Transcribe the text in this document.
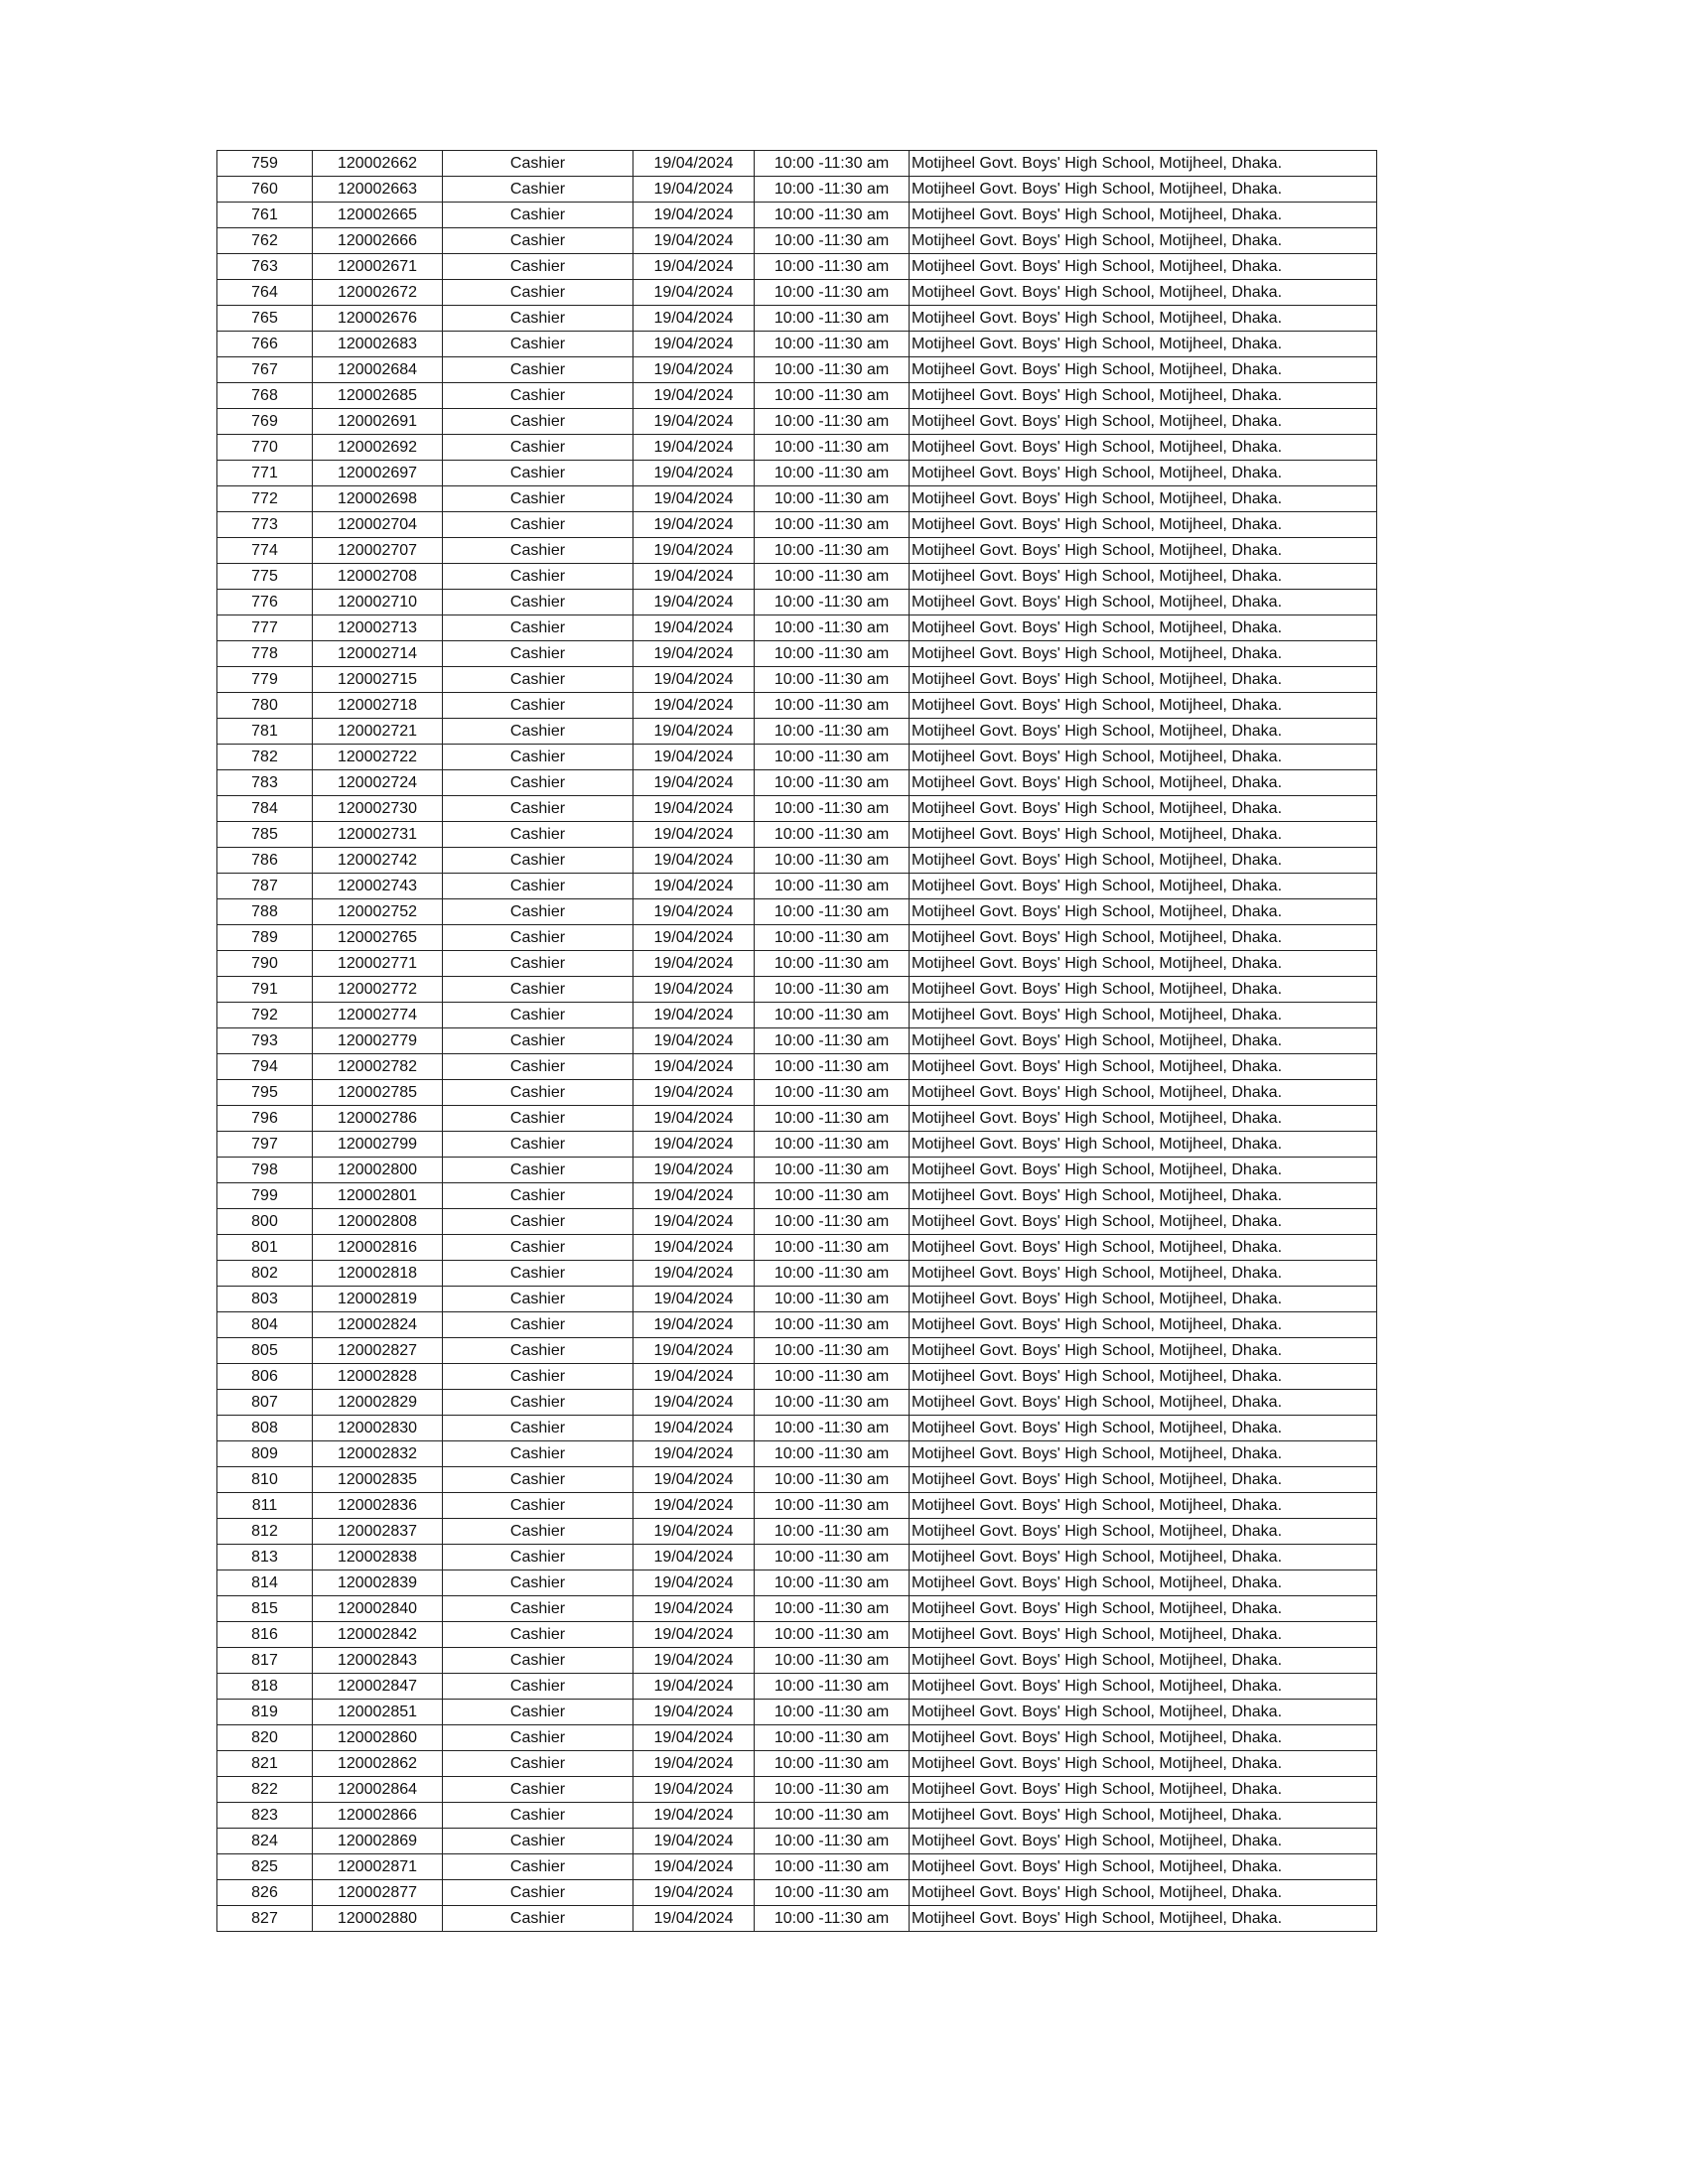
759	120002662	Cashier	19/04/2024	10:00 -11:30 am	Motijheel Govt. Boys' High School, Motijheel, Dhaka.
760	120002663	Cashier	19/04/2024	10:00 -11:30 am	Motijheel Govt. Boys' High School, Motijheel, Dhaka.
761	120002665	Cashier	19/04/2024	10:00 -11:30 am	Motijheel Govt. Boys' High School, Motijheel, Dhaka.
762	120002666	Cashier	19/04/2024	10:00 -11:30 am	Motijheel Govt. Boys' High School, Motijheel, Dhaka.
763	120002671	Cashier	19/04/2024	10:00 -11:30 am	Motijheel Govt. Boys' High School, Motijheel, Dhaka.
764	120002672	Cashier	19/04/2024	10:00 -11:30 am	Motijheel Govt. Boys' High School, Motijheel, Dhaka.
765	120002676	Cashier	19/04/2024	10:00 -11:30 am	Motijheel Govt. Boys' High School, Motijheel, Dhaka.
766	120002683	Cashier	19/04/2024	10:00 -11:30 am	Motijheel Govt. Boys' High School, Motijheel, Dhaka.
767	120002684	Cashier	19/04/2024	10:00 -11:30 am	Motijheel Govt. Boys' High School, Motijheel, Dhaka.
768	120002685	Cashier	19/04/2024	10:00 -11:30 am	Motijheel Govt. Boys' High School, Motijheel, Dhaka.
769	120002691	Cashier	19/04/2024	10:00 -11:30 am	Motijheel Govt. Boys' High School, Motijheel, Dhaka.
770	120002692	Cashier	19/04/2024	10:00 -11:30 am	Motijheel Govt. Boys' High School, Motijheel, Dhaka.
771	120002697	Cashier	19/04/2024	10:00 -11:30 am	Motijheel Govt. Boys' High School, Motijheel, Dhaka.
772	120002698	Cashier	19/04/2024	10:00 -11:30 am	Motijheel Govt. Boys' High School, Motijheel, Dhaka.
773	120002704	Cashier	19/04/2024	10:00 -11:30 am	Motijheel Govt. Boys' High School, Motijheel, Dhaka.
774	120002707	Cashier	19/04/2024	10:00 -11:30 am	Motijheel Govt. Boys' High School, Motijheel, Dhaka.
775	120002708	Cashier	19/04/2024	10:00 -11:30 am	Motijheel Govt. Boys' High School, Motijheel, Dhaka.
776	120002710	Cashier	19/04/2024	10:00 -11:30 am	Motijheel Govt. Boys' High School, Motijheel, Dhaka.
777	120002713	Cashier	19/04/2024	10:00 -11:30 am	Motijheel Govt. Boys' High School, Motijheel, Dhaka.
778	120002714	Cashier	19/04/2024	10:00 -11:30 am	Motijheel Govt. Boys' High School, Motijheel, Dhaka.
779	120002715	Cashier	19/04/2024	10:00 -11:30 am	Motijheel Govt. Boys' High School, Motijheel, Dhaka.
780	120002718	Cashier	19/04/2024	10:00 -11:30 am	Motijheel Govt. Boys' High School, Motijheel, Dhaka.
781	120002721	Cashier	19/04/2024	10:00 -11:30 am	Motijheel Govt. Boys' High School, Motijheel, Dhaka.
782	120002722	Cashier	19/04/2024	10:00 -11:30 am	Motijheel Govt. Boys' High School, Motijheel, Dhaka.
783	120002724	Cashier	19/04/2024	10:00 -11:30 am	Motijheel Govt. Boys' High School, Motijheel, Dhaka.
784	120002730	Cashier	19/04/2024	10:00 -11:30 am	Motijheel Govt. Boys' High School, Motijheel, Dhaka.
785	120002731	Cashier	19/04/2024	10:00 -11:30 am	Motijheel Govt. Boys' High School, Motijheel, Dhaka.
786	120002742	Cashier	19/04/2024	10:00 -11:30 am	Motijheel Govt. Boys' High School, Motijheel, Dhaka.
787	120002743	Cashier	19/04/2024	10:00 -11:30 am	Motijheel Govt. Boys' High School, Motijheel, Dhaka.
788	120002752	Cashier	19/04/2024	10:00 -11:30 am	Motijheel Govt. Boys' High School, Motijheel, Dhaka.
789	120002765	Cashier	19/04/2024	10:00 -11:30 am	Motijheel Govt. Boys' High School, Motijheel, Dhaka.
790	120002771	Cashier	19/04/2024	10:00 -11:30 am	Motijheel Govt. Boys' High School, Motijheel, Dhaka.
791	120002772	Cashier	19/04/2024	10:00 -11:30 am	Motijheel Govt. Boys' High School, Motijheel, Dhaka.
792	120002774	Cashier	19/04/2024	10:00 -11:30 am	Motijheel Govt. Boys' High School, Motijheel, Dhaka.
793	120002779	Cashier	19/04/2024	10:00 -11:30 am	Motijheel Govt. Boys' High School, Motijheel, Dhaka.
794	120002782	Cashier	19/04/2024	10:00 -11:30 am	Motijheel Govt. Boys' High School, Motijheel, Dhaka.
795	120002785	Cashier	19/04/2024	10:00 -11:30 am	Motijheel Govt. Boys' High School, Motijheel, Dhaka.
796	120002786	Cashier	19/04/2024	10:00 -11:30 am	Motijheel Govt. Boys' High School, Motijheel, Dhaka.
797	120002799	Cashier	19/04/2024	10:00 -11:30 am	Motijheel Govt. Boys' High School, Motijheel, Dhaka.
798	120002800	Cashier	19/04/2024	10:00 -11:30 am	Motijheel Govt. Boys' High School, Motijheel, Dhaka.
799	120002801	Cashier	19/04/2024	10:00 -11:30 am	Motijheel Govt. Boys' High School, Motijheel, Dhaka.
800	120002808	Cashier	19/04/2024	10:00 -11:30 am	Motijheel Govt. Boys' High School, Motijheel, Dhaka.
801	120002816	Cashier	19/04/2024	10:00 -11:30 am	Motijheel Govt. Boys' High School, Motijheel, Dhaka.
802	120002818	Cashier	19/04/2024	10:00 -11:30 am	Motijheel Govt. Boys' High School, Motijheel, Dhaka.
803	120002819	Cashier	19/04/2024	10:00 -11:30 am	Motijheel Govt. Boys' High School, Motijheel, Dhaka.
804	120002824	Cashier	19/04/2024	10:00 -11:30 am	Motijheel Govt. Boys' High School, Motijheel, Dhaka.
805	120002827	Cashier	19/04/2024	10:00 -11:30 am	Motijheel Govt. Boys' High School, Motijheel, Dhaka.
806	120002828	Cashier	19/04/2024	10:00 -11:30 am	Motijheel Govt. Boys' High School, Motijheel, Dhaka.
807	120002829	Cashier	19/04/2024	10:00 -11:30 am	Motijheel Govt. Boys' High School, Motijheel, Dhaka.
808	120002830	Cashier	19/04/2024	10:00 -11:30 am	Motijheel Govt. Boys' High School, Motijheel, Dhaka.
809	120002832	Cashier	19/04/2024	10:00 -11:30 am	Motijheel Govt. Boys' High School, Motijheel, Dhaka.
810	120002835	Cashier	19/04/2024	10:00 -11:30 am	Motijheel Govt. Boys' High School, Motijheel, Dhaka.
811	120002836	Cashier	19/04/2024	10:00 -11:30 am	Motijheel Govt. Boys' High School, Motijheel, Dhaka.
812	120002837	Cashier	19/04/2024	10:00 -11:30 am	Motijheel Govt. Boys' High School, Motijheel, Dhaka.
813	120002838	Cashier	19/04/2024	10:00 -11:30 am	Motijheel Govt. Boys' High School, Motijheel, Dhaka.
814	120002839	Cashier	19/04/2024	10:00 -11:30 am	Motijheel Govt. Boys' High School, Motijheel, Dhaka.
815	120002840	Cashier	19/04/2024	10:00 -11:30 am	Motijheel Govt. Boys' High School, Motijheel, Dhaka.
816	120002842	Cashier	19/04/2024	10:00 -11:30 am	Motijheel Govt. Boys' High School, Motijheel, Dhaka.
817	120002843	Cashier	19/04/2024	10:00 -11:30 am	Motijheel Govt. Boys' High School, Motijheel, Dhaka.
818	120002847	Cashier	19/04/2024	10:00 -11:30 am	Motijheel Govt. Boys' High School, Motijheel, Dhaka.
819	120002851	Cashier	19/04/2024	10:00 -11:30 am	Motijheel Govt. Boys' High School, Motijheel, Dhaka.
820	120002860	Cashier	19/04/2024	10:00 -11:30 am	Motijheel Govt. Boys' High School, Motijheel, Dhaka.
821	120002862	Cashier	19/04/2024	10:00 -11:30 am	Motijheel Govt. Boys' High School, Motijheel, Dhaka.
822	120002864	Cashier	19/04/2024	10:00 -11:30 am	Motijheel Govt. Boys' High School, Motijheel, Dhaka.
823	120002866	Cashier	19/04/2024	10:00 -11:30 am	Motijheel Govt. Boys' High School, Motijheel, Dhaka.
824	120002869	Cashier	19/04/2024	10:00 -11:30 am	Motijheel Govt. Boys' High School, Motijheel, Dhaka.
825	120002871	Cashier	19/04/2024	10:00 -11:30 am	Motijheel Govt. Boys' High School, Motijheel, Dhaka.
826	120002877	Cashier	19/04/2024	10:00 -11:30 am	Motijheel Govt. Boys' High School, Motijheel, Dhaka.
827	120002880	Cashier	19/04/2024	10:00 -11:30 am	Motijheel Govt. Boys' High School, Motijheel, Dhaka.
